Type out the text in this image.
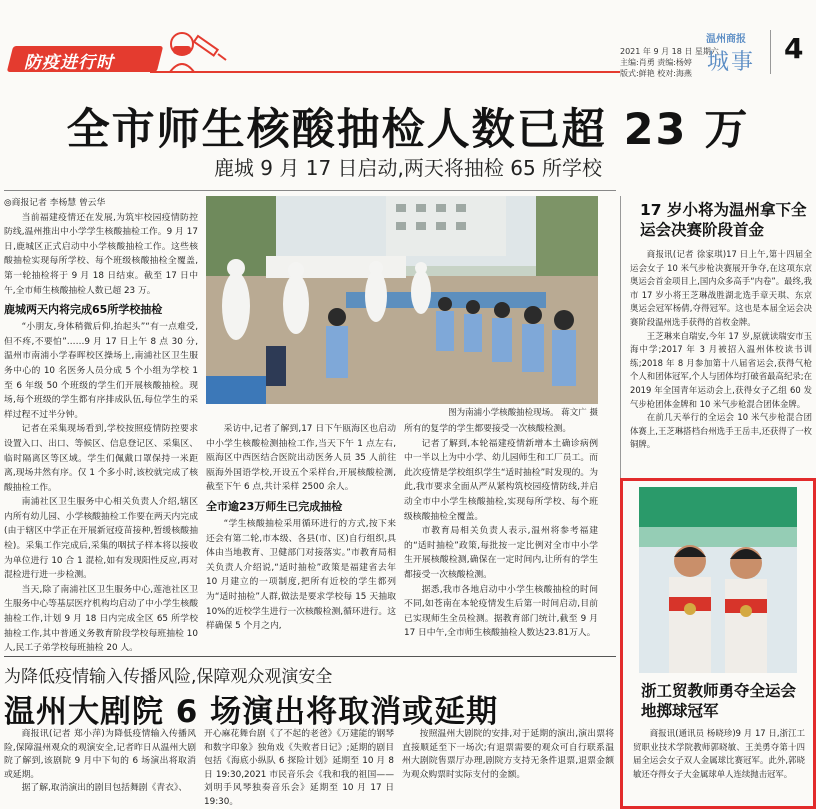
防疫进行时
2021 年 9 月 18 日 星期六
主编:肖勇 责编:杨婷
版式:鲜艳 校对:海燕
温州商报
城事 4
全市师生核酸抽检人数已超 23 万
鹿城 9 月 17 日启动,两天将抽检 65 所学校
◎商报记者 李杨慧 曾云华

当前福建疫情还在发展,为筑牢校园疫情防控防线,温州推出中小学学生核酸抽检工作。9 月 17 日,鹿城区正式启动中小学核酸抽检工作。这些核酸抽检实现每所学校、每个班级核酸抽检全覆盖,第一轮抽检将于 9 月 18 日结束。截至 17 日中午,全市师生核酸抽检人数已超 23 万。

鹿城两天内将完成65所学校抽检

“小朋友,身体稍微后仰,抬起头”“有一点难受,但不疼,不要怕”……9 月 17 日上午 8 点 30 分,温州市南浦小学春晖校区操场上,南浦社区卫生服务中心的 10 名医务人员分成 5 个小组为学校 1 至 6 年级 50 个班级的学生们开展核酸抽检。现场,每个班级的学生都有序排成队伍,每位学生的采样过程不过半分钟。

记者在采集现场看到,学校按照疫情防控要求设置入口、出口、等候区、信息登记区、采集区、临时隔离区等区域。学生们佩戴口罩保持一米距离,现场井然有序。仅 1 个多小时,该校就完成了核酸抽检工作。

南浦社区卫生服务中心相关负责人介绍,辖区内所有幼儿园、小学核酸抽检工作要在两天内完成(由于辖区中学正在开展新冠疫苗接种,暂缓核酸抽检)。采集工作完成后,采集的咽拭子样本将以接收为单位进行 10 合 1 混检,如有发现阳性反应,再对混检进行进一步检测。

当天,除了南浦社区卫生服务中心,莲池社区卫生服务中心等基层医疗机构均启动了中小学生核酸抽检工作,计划 9 月 18 日内完成全区 65 所学校抽检工作,其中普通义务教育阶段学校每班抽检 10 人,民工子弟学校每班抽检 20 人。

图为南浦小学核酸抽检现场。 蒋文广 摄

采访中,记者了解到,17 日下午瓯海区也启动中小学生核酸检测抽检工作,当天下午 1 点左右,瓯海区中西医结合医院出动医务人员 35 人前往瓯海外国语学校,开设五个采样台,开展核酸检测,截至下午 6 点,共计采样 2500 余人。

全市逾23万师生已完成抽检

“学生核酸抽检采用循环进行的方式,按下来还会有第二轮,市本级、各县(市、区)自行组织,具体由当地教育、卫健部门对接落实。”市教育局相关负责人介绍说,“适时抽检”政策是福建省去年 10 月建立的一项制度,把所有近校的学生都列为“适时抽检”人群,做法是要求学校每 15 天抽取 10%的近校学生进行一次核酸检测,循环进行。这样确保 5 个月之内,

所有的复学的学生都要接受一次核酸检测。

记者了解到,本轮福建疫情新增本土确诊病例中一半以上为中小学、幼儿园师生和工厂员工。而此次疫情是学校组织学生“适时抽检”时发现的。为此,我市要求全面从严从紧构筑校园疫情防线,并启动全市中小学生核酸抽检,实现每所学校、每个班级核酸抽检全覆盖。

市教育局相关负责人表示,温州将参考福建的“适时抽检”政策,每批按一定比例对全市中小学生开展核酸检测,确保在一定时间内,让所有的学生都接受一次核酸检测。

据悉,我市各地启动中小学生核酸抽检的时间不同,如苍南在本轮疫情发生后第一时间启动,目前已实现师生全员检测。据教育部门统计,截至 9 月 17 日中午,全市师生核酸抽检人数达23.81万人。

17 岁小将为温州拿下全运会决赛阶段首金

商报讯(记者 徐家琪)17 日上午,第十四届全运会女子 10 米气步枪决赛展开争夺,在这项东京奥运会首金项目上,国内众多高手“内卷”。最终,我市 17 岁小将王芝琳战胜湖北选手章天琪、东京奥运会冠军杨倩,夺得冠军。这也是本届全运会决赛阶段温州选手获得的首枚金牌。

王芝琳来自瑞安,今年 17 岁,原就读瑞安市玉海中学;2017 年 3 月被招入温州体校读书训练;2018 年 8 月参加第十八届省运会,获得气枪个人和团体冠军,个人与团体均打破省最高纪录;在 2019 年全国青年运动会上,获得女子乙组 60 发气步枪团体金牌和 10 米气步枪混合团体金牌。

在前几天举行的全运会 10 米气步枪混合团体赛上,王芝琳搭档台州选手王岳丰,还获得了一枚铜牌。

浙工贸教师勇夺全运会地掷球冠军

商报讯(通讯员 杨晓珍)9 月 17 日,浙江工贸职业技术学院教师郭晓敏、王美勇夺第十四届全运会女子双人金属球比赛冠军。此外,郭晓敏还夺得女子大金属球单人连续抛击冠军。

为降低疫情输入传播风险,保障观众观演安全
温州大剧院 6 场演出将取消或延期

商报讯(记者 郑小萍)为降低疫情输入传播风险,保障温州观众的观演安全,记者昨日从温州大剧院了解到,该剧院 9 月中下旬的 6 场演出将取消或延期。

据了解,取消演出的剧目包括舞剧《青衣》、

开心麻花舞台剧《了不起的老爸》《万建能的钢琴和数字印象》独角戏《失败者日记》;延期的剧目包括《海底小纵队 6 探险计划》延期至 10 月 8 日 19:30,2021 市民音乐会《我和我的祖国——刘明手风琴独奏音乐会》延期至 10 月 17 日 19:30。

按照温州大剧院的安排,对于延期的演出,演出票将直接顺延至下一场次;有退票需要的观众可自行联系温州大剧院售票厅办理,剧院方支持无条件退票,退票金额为观众购票时实际支付的金额。
